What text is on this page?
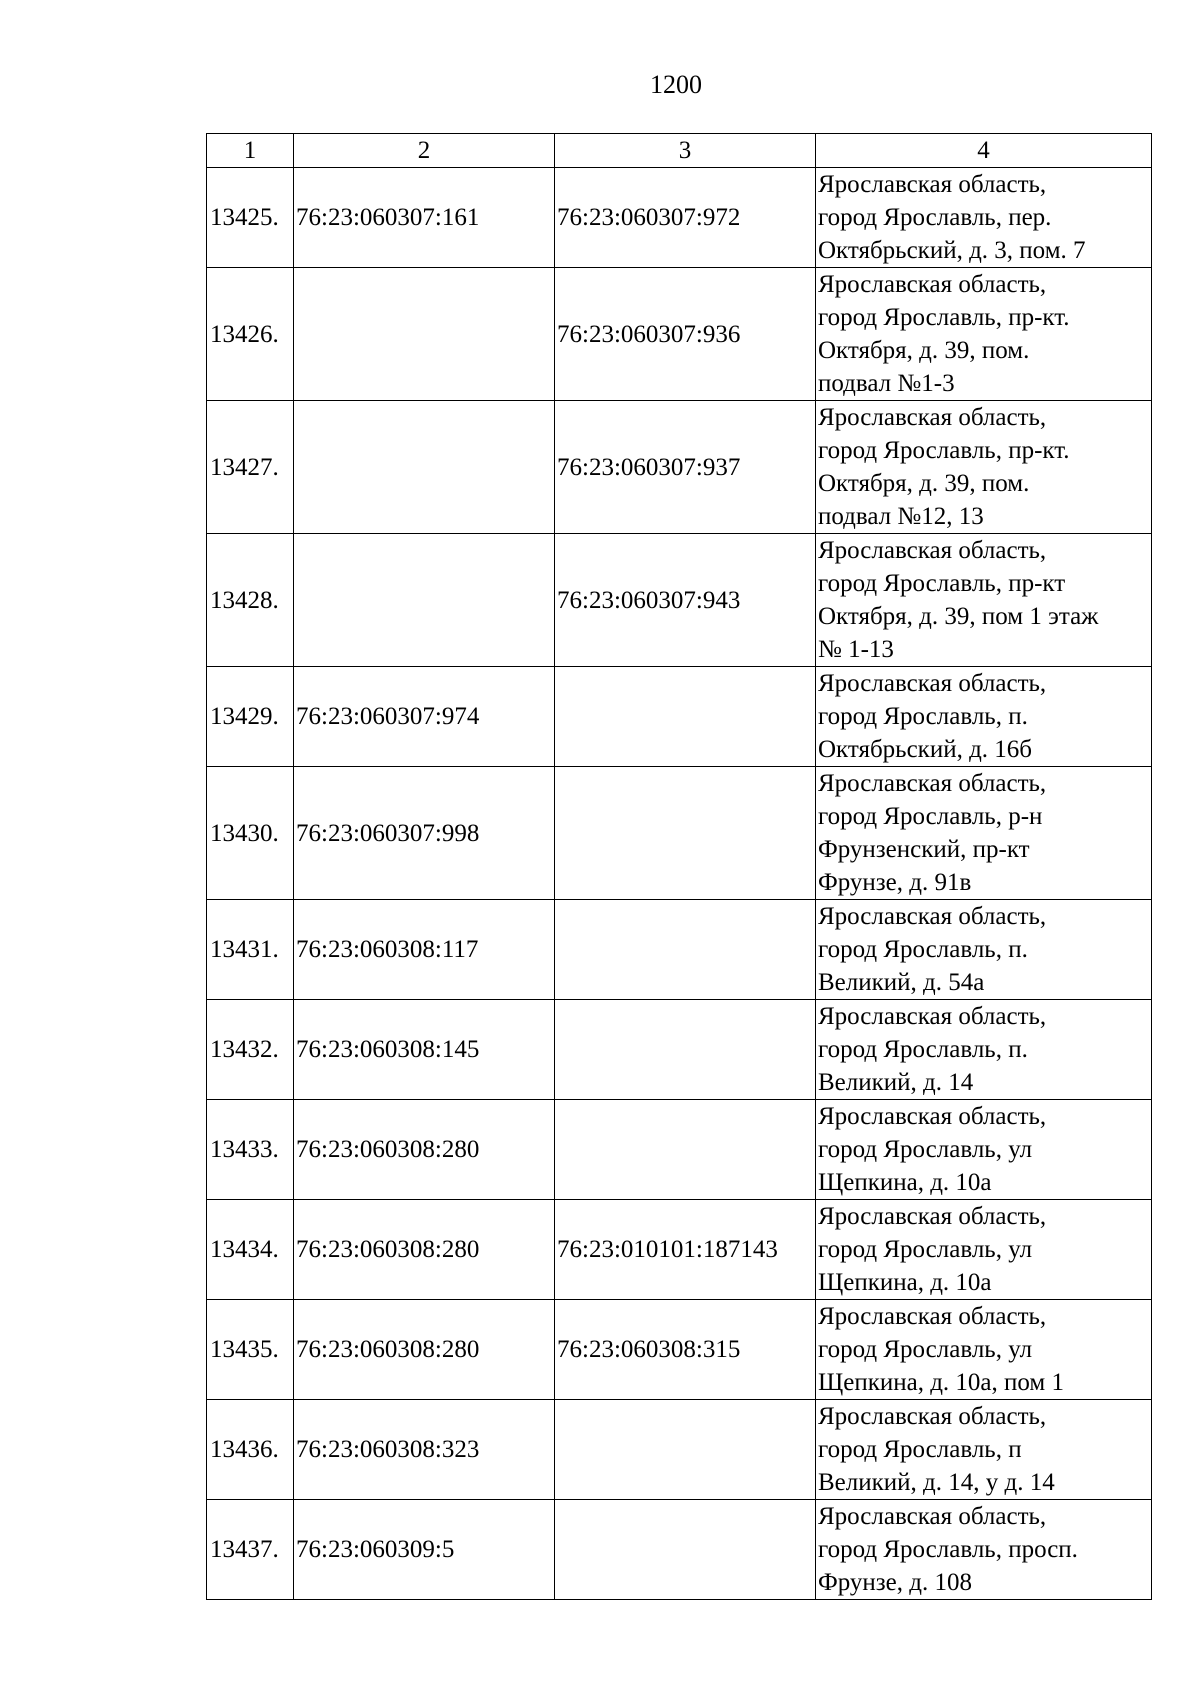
1200
1	2	3	4
13425.	76:23:060307:161	76:23:060307:972	Ярославская область,
город Ярославль, пер.
Октябрьский, д. 3, пом. 7

13426.		76:23:060307:936	Ярославская область,
город Ярославль, пр-кт.
Октября, д. 39, пом.
подвал №1-3

13427.		76:23:060307:937	Ярославская область,
город Ярославль, пр-кт.
Октября, д. 39, пом.
подвал №12, 13

13428.		76:23:060307:943	Ярославская область,
город Ярославль, пр-кт
Октября, д. 39, пом 1 этаж
№ 1-13

13429.	76:23:060307:974		Ярославская область,
город Ярославль, п.
Октябрьский, д. 16б

13430.	76:23:060307:998		Ярославская область,
город Ярославль, р-н
Фрунзенский, пр-кт
Фрунзе, д. 91в

13431.	76:23:060308:117		Ярославская область,
город Ярославль, п.
Великий, д. 54а

13432.	76:23:060308:145		Ярославская область,
город Ярославль, п.
Великий, д. 14

13433.	76:23:060308:280		Ярославская область,
город Ярославль, ул
Щепкина, д. 10а

13434.	76:23:060308:280	76:23:010101:187143	Ярославская область,
город Ярославль, ул
Щепкина, д. 10а

13435.	76:23:060308:280	76:23:060308:315	Ярославская область,
город Ярославль, ул
Щепкина, д. 10а, пом 1

13436.	76:23:060308:323		Ярославская область,
город Ярославль, п
Великий, д. 14, у д. 14

13437.	76:23:060309:5		Ярославская область,
город Ярославль, просп.
Фрунзе, д. 108
